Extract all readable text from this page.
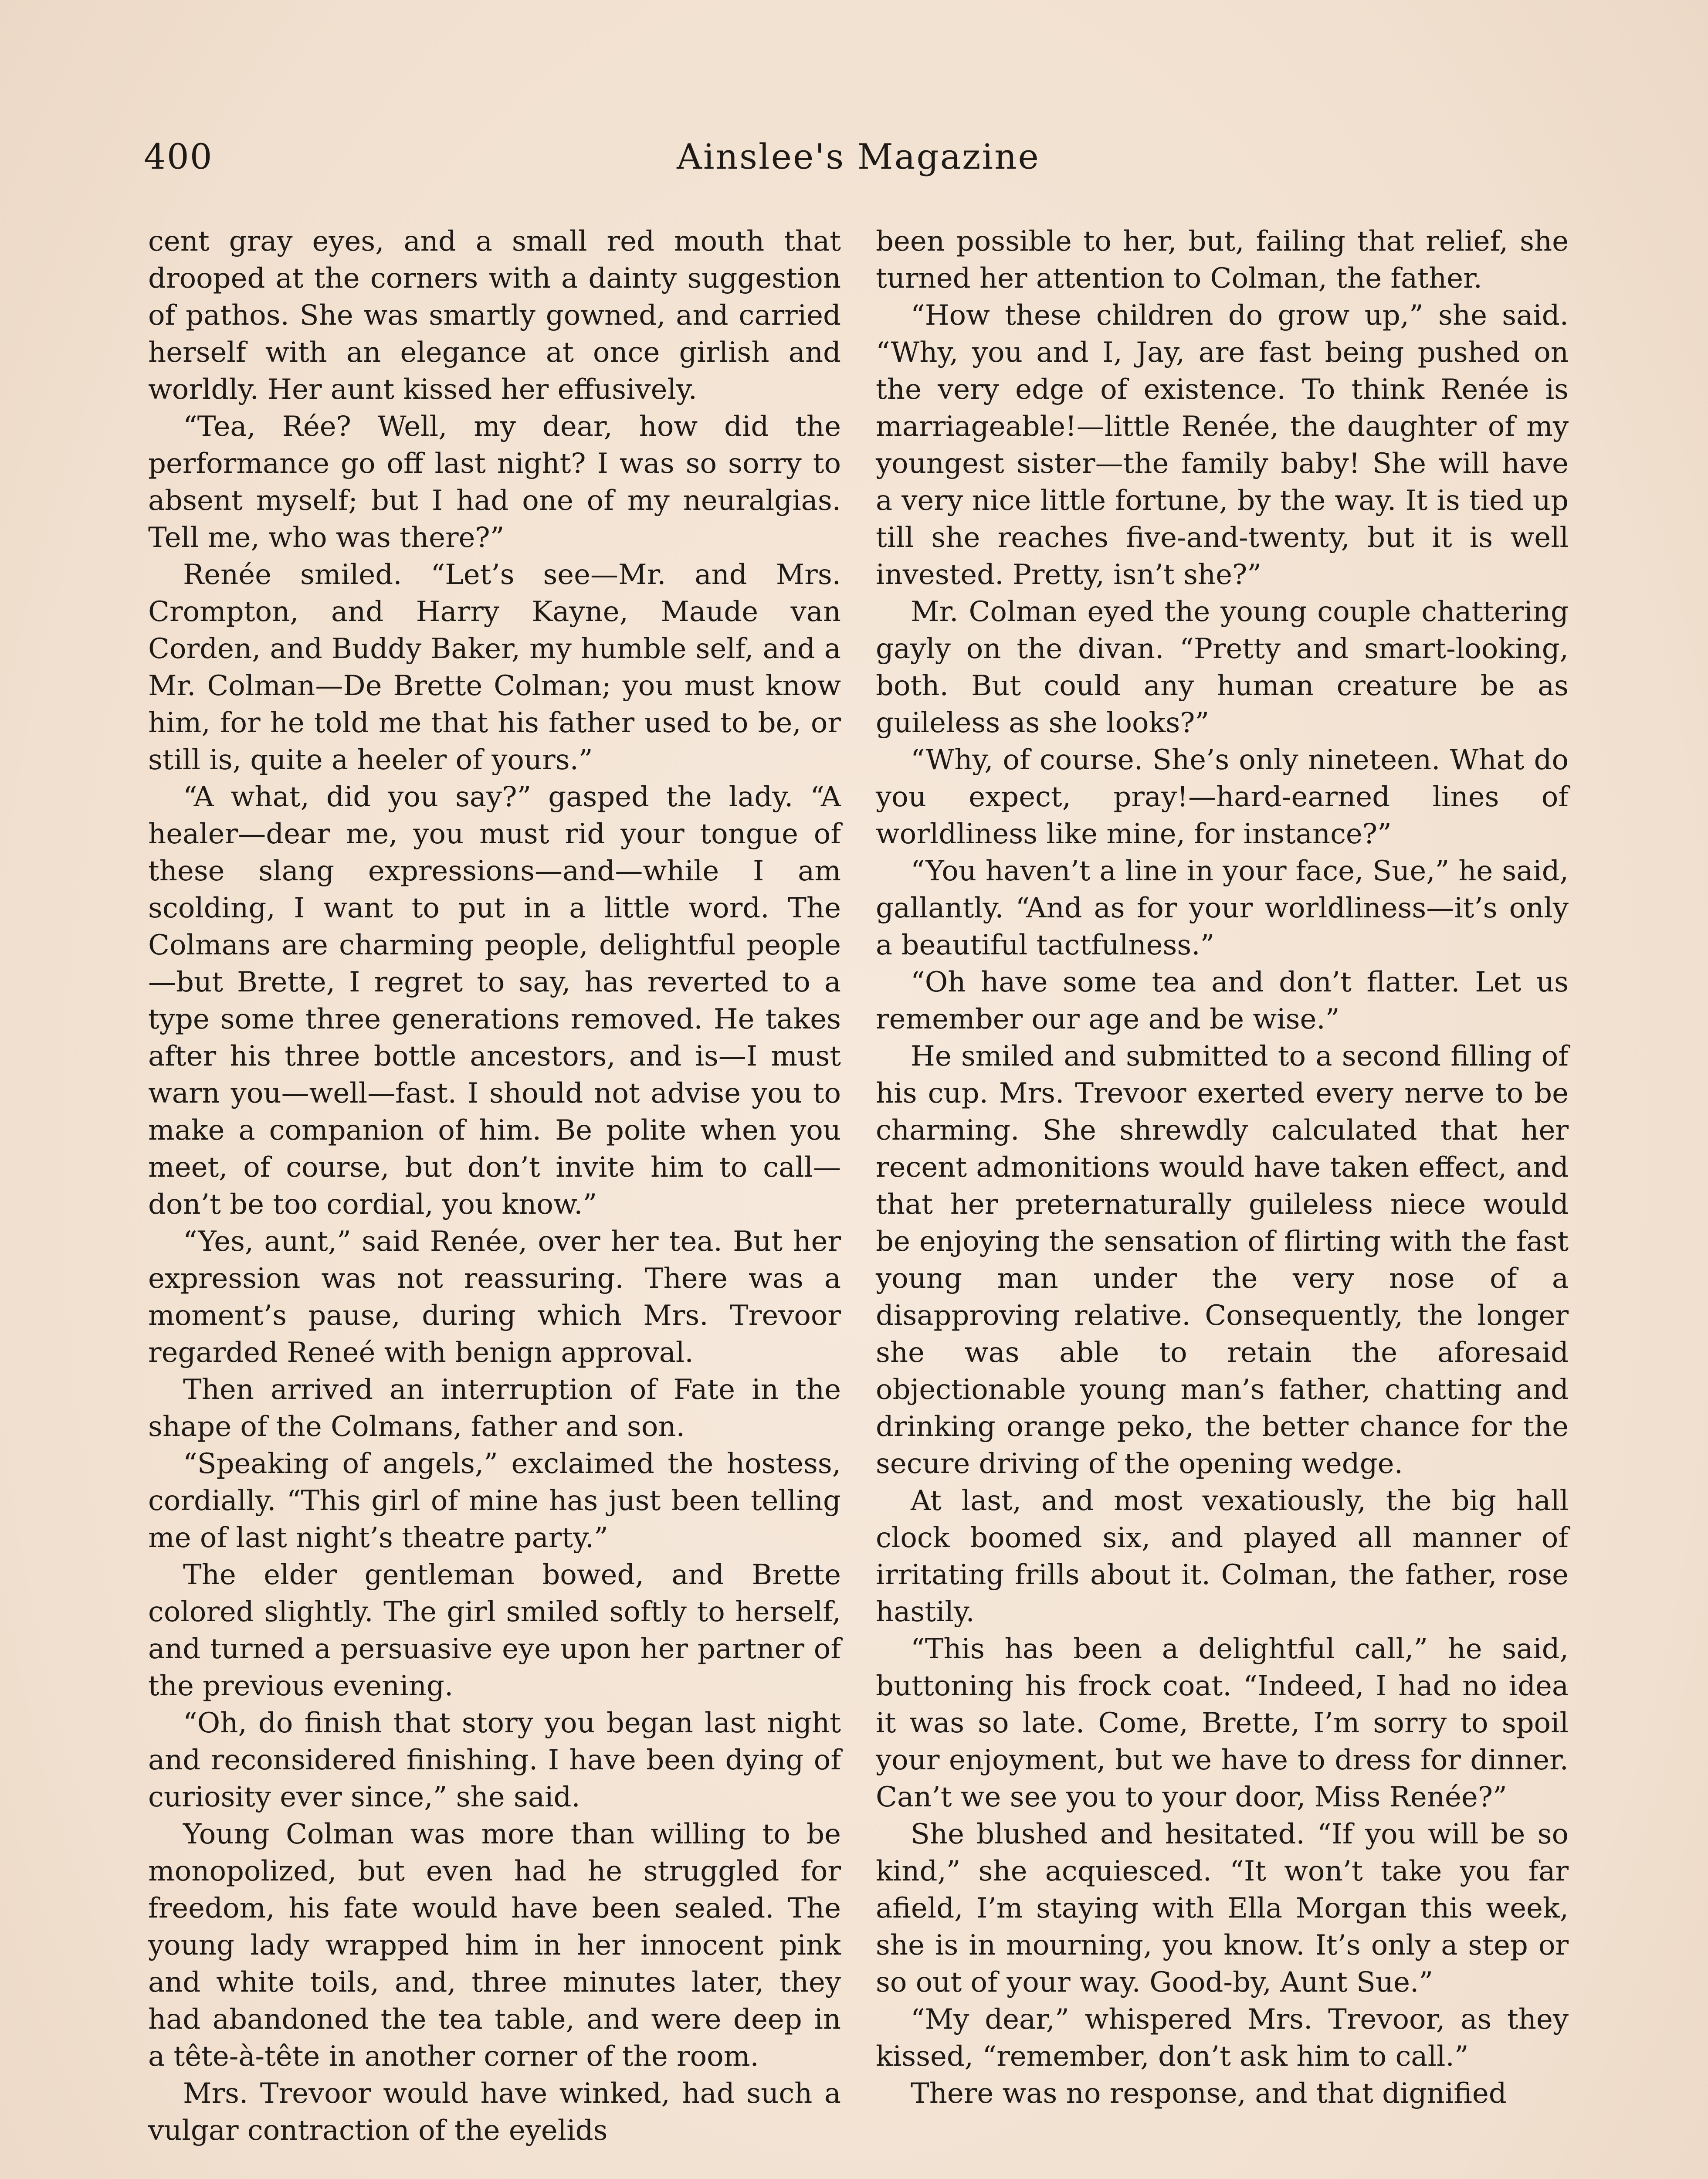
400	Ainslee's Magazine

cent gray eyes, and a small red mouth that drooped at the corners with a dainty suggestion of pathos. She was smartly gowned, and carried herself with an elegance at once girlish and worldly. Her aunt kissed her effusively.

“Tea, Rée? Well, my dear, how did the performance go off last night? I was so sorry to absent myself; but I had one of my neuralgias. Tell me, who was there?”

Renée smiled. “Let’s see—Mr. and Mrs. Crompton, and Harry Kayne, Maude van Corden, and Buddy Baker, my humble self, and a Mr. Colman—De Brette Colman; you must know him, for he told me that his father used to be, or still is, quite a heeler of yours.”

“A what, did you say?” gasped the lady. “A healer—dear me, you must rid your tongue of these slang expressions—and—while I am scolding, I want to put in a little word. The Colmans are charming people, delightful people—but Brette, I regret to say, has reverted to a type some three generations removed. He takes after his three bottle ancestors, and is—I must warn you—well—fast. I should not advise you to make a companion of him. Be polite when you meet, of course, but don’t invite him to call—don’t be too cordial, you know.”

“Yes, aunt,” said Renée, over her tea. But her expression was not reassuring. There was a moment’s pause, during which Mrs. Trevoor regarded Reneé with benign approval.

Then arrived an interruption of Fate in the shape of the Colmans, father and son.

“Speaking of angels,” exclaimed the hostess, cordially. “This girl of mine has just been telling me of last night’s theatre party.”

The elder gentleman bowed, and Brette colored slightly. The girl smiled softly to herself, and turned a persuasive eye upon her partner of the previous evening.

“Oh, do finish that story you began last night and reconsidered finishing. I have been dying of curiosity ever since,” she said.

Young Colman was more than willing to be monopolized, but even had he struggled for freedom, his fate would have been sealed. The young lady wrapped him in her innocent pink and white toils, and, three minutes later, they had abandoned the tea table, and were deep in a tête-à-tête in another corner of the room.

Mrs. Trevoor would have winked, had such a vulgar contraction of the eyelids

been possible to her, but, failing that relief, she turned her attention to Colman, the father.

“How these children do grow up,” she said. “Why, you and I, Jay, are fast being pushed on the very edge of existence. To think Renée is marriageable!—little Renée, the daughter of my youngest sister—the family baby! She will have a very nice little fortune, by the way. It is tied up till she reaches five-and-twenty, but it is well invested. Pretty, isn’t she?”

Mr. Colman eyed the young couple chattering gayly on the divan. “Pretty and smart-looking, both. But could any human creature be as guileless as she looks?”

“Why, of course. She’s only nineteen. What do you expect, pray!—hard-earned lines of worldliness like mine, for instance?”

“You haven’t a line in your face, Sue,” he said, gallantly. “And as for your worldliness—it’s only a beautiful tactfulness.”

“Oh have some tea and don’t flatter. Let us remember our age and be wise.”

He smiled and submitted to a second filling of his cup. Mrs. Trevoor exerted every nerve to be charming. She shrewdly calculated that her recent admonitions would have taken effect, and that her preternaturally guileless niece would be enjoying the sensation of flirting with the fast young man under the very nose of a disapproving relative. Consequently, the longer she was able to retain the aforesaid objectionable young man’s father, chatting and drinking orange peko, the better chance for the secure driving of the opening wedge.

At last, and most vexatiously, the big hall clock boomed six, and played all manner of irritating frills about it. Colman, the father, rose hastily.

“This has been a delightful call,” he said, buttoning his frock coat. “Indeed, I had no idea it was so late. Come, Brette, I’m sorry to spoil your enjoyment, but we have to dress for dinner. Can’t we see you to your door, Miss Renée?”

She blushed and hesitated. “If you will be so kind,” she acquiesced. “It won’t take you far afield, I’m staying with Ella Morgan this week, she is in mourning, you know. It’s only a step or so out of your way. Good-by, Aunt Sue.”

“My dear,” whispered Mrs. Trevoor, as they kissed, “remember, don’t ask him to call.”

There was no response, and that dignified
